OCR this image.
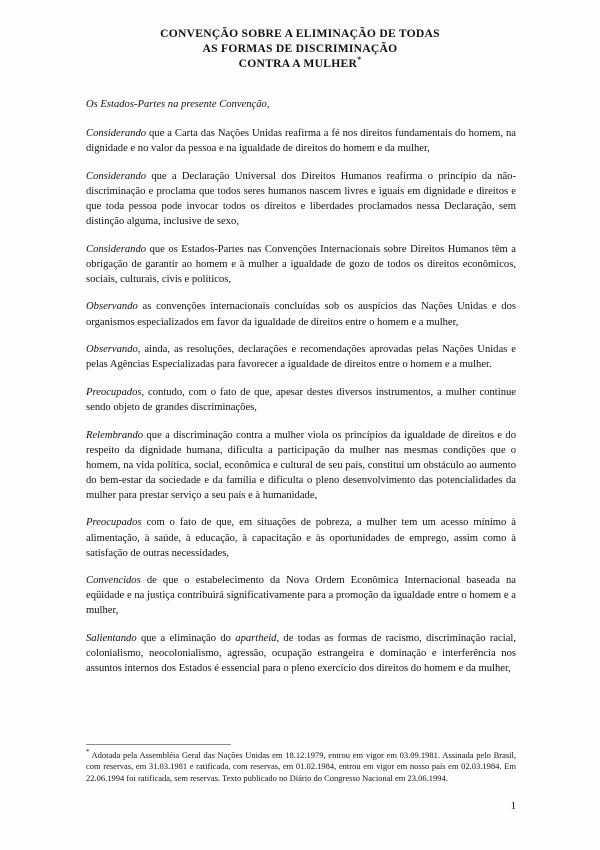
CONVENÇÃO SOBRE A ELIMINAÇÃO DE TODAS
AS FORMAS DE DISCRIMINAÇÃO
CONTRA A MULHER*

Os Estados-Partes na presente Convenção,

Considerando que a Carta das Nações Unidas reafirma a fé nos direitos fundamentais do homem, na dignidade e no valor da pessoa e na igualdade de direitos do homem e da mulher,

Considerando que a Declaração Universal dos Direitos Humanos reafirma o princípio da não-discriminação e proclama que todos seres humanos nascem livres e iguais em dignidade e direitos e que toda pessoa pode invocar todos os direitos e liberdades proclamados nessa Declaração, sem distinção alguma, inclusive de sexo,

Considerando que os Estados-Partes nas Convenções Internacionais sobre Direitos Humanos têm a obrigação de garantir ao homem e à mulher a igualdade de gozo de todos os direitos econômicos, sociais, culturais, civis e políticos,

Observando as convenções internacionais concluídas sob os auspícios das Nações Unidas e dos organismos especializados em favor da igualdade de direitos entre o homem e a mulher,

Observando, ainda, as resoluções, declarações e recomendações aprovadas pelas Nações Unidas e pelas Agências Especializadas para favorecer a igualdade de direitos entre o homem e a mulher.

Preocupados, contudo, com o fato de que, apesar destes diversos instrumentos, a mulher continue sendo objeto de grandes discriminações,

Relembrando que a discriminação contra a mulher viola os princípios da igualdade de direitos e do respeito da dignidade humana, dificulta a participação da mulher nas mesmas condições que o homem, na vida política, social, econômica e cultural de seu país, constitui um obstáculo ao aumento do bem-estar da sociedade e da família e dificulta o pleno desenvolvimento das potencialidades da mulher para prestar serviço a seu país e à humanidade,

Preocupados com o fato de que, em situações de pobreza, a mulher tem um acesso mínimo à alimentação, à saúde, à educação, à capacitação e às oportunidades de emprego, assim como à satisfação de outras necessidades,

Convencidos de que o estabelecimento da Nova Ordem Econômica Internacional baseada na eqüidade e na justiça contribuirá significativamente para a promoção da igualdade entre o homem e a mulher,

Salientando que a eliminação do apartheid, de todas as formas de racismo, discriminação racial, colonialismo, neocolonialismo, agressão, ocupação estrangeira e dominação e interferência nos assuntos internos dos Estados é essencial para o pleno exercício dos direitos do homem e da mulher,

* Adotada pela Assembléia Geral das Nações Unidas em 18.12.1979, entrou em vigor em 03.09.1981. Assinada pelo Brasil, com reservas, em 31.03.1981 e ratificada, com reservas, em 01.02.1984, entrou em vigor em nosso país em 02.03.1984. Em 22.06.1994 foi ratificada, sem reservas. Texto publicado no Diário do Congresso Nacional em 23.06.1994.

1
